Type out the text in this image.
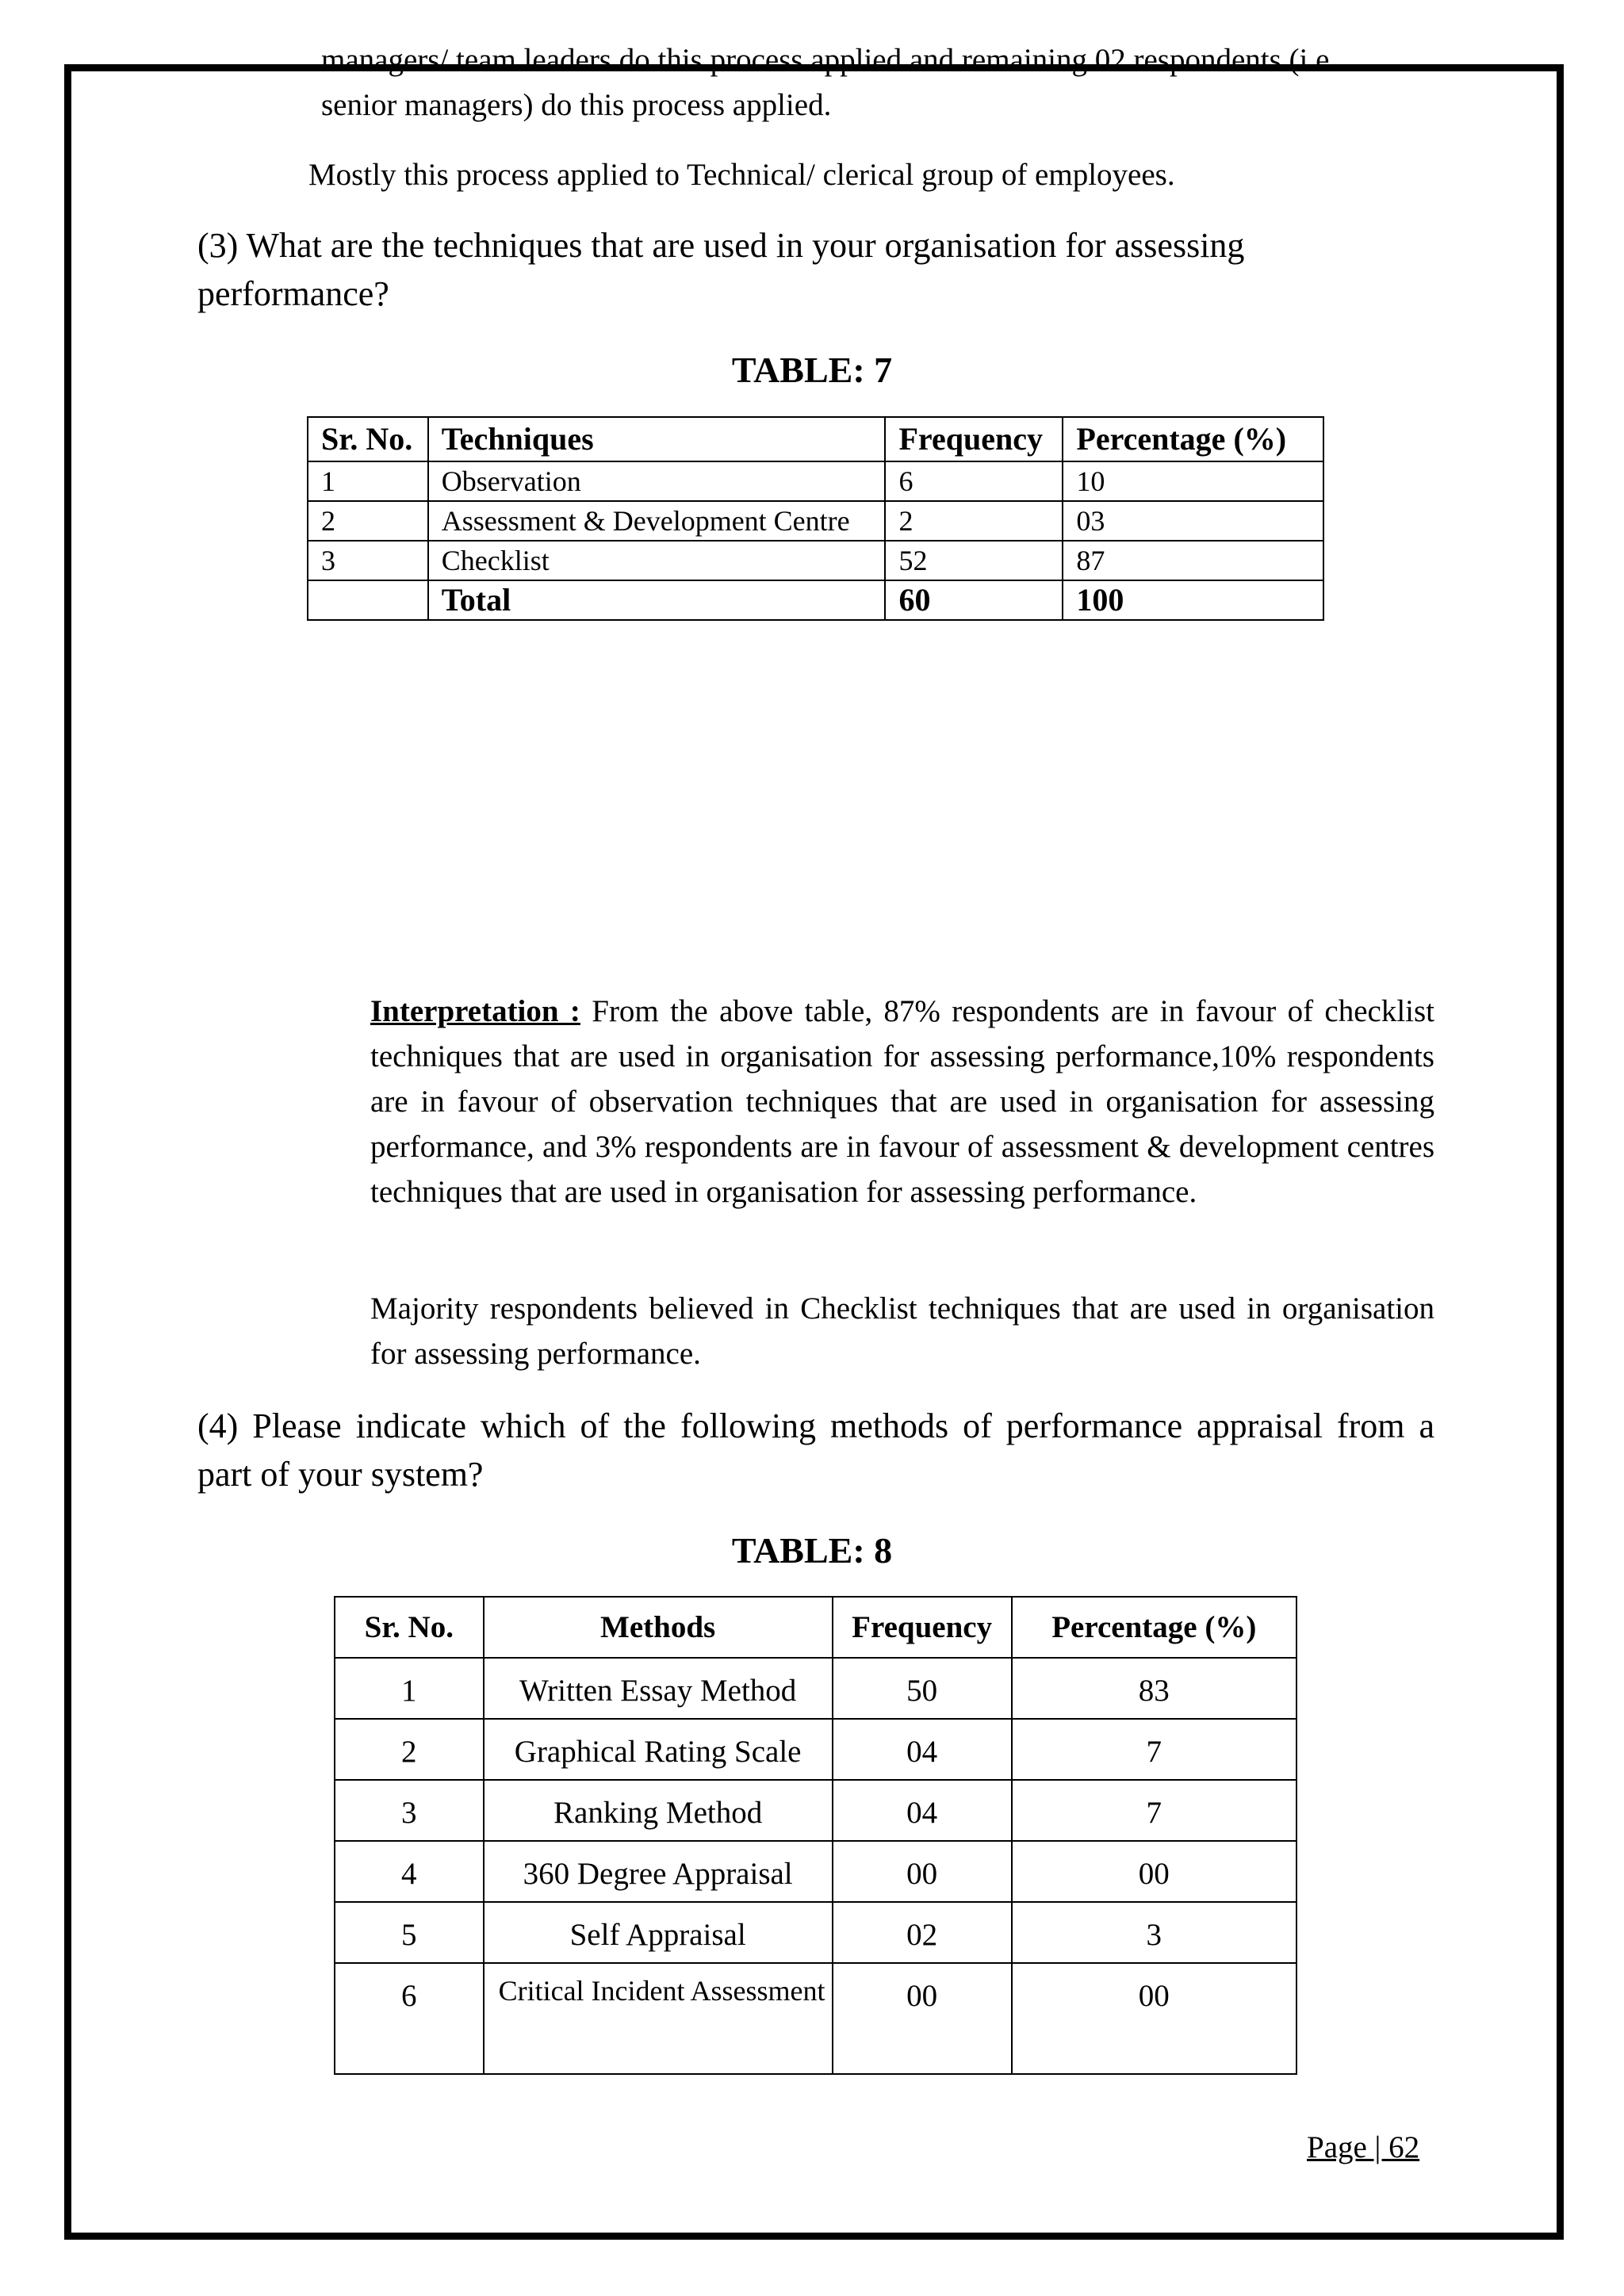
managers/ team leaders do this process applied and remaining 02 respondents (i.e.
senior managers) do this process applied.
Mostly this process applied to Technical/ clerical group of employees.
(3) What are the techniques that are used in your organisation for assessing
performance?
TABLE: 7
Sr. No.	Techniques	Frequency	Percentage (%)
1	Observation	6	10
2	Assessment & Development Centre	2	03
3	Checklist	52	87
	Total	60	100
Interpretation : From the above table, 87% respondents are in favour of checklist techniques that are used in organisation for assessing performance,10% respondents are in favour of observation techniques that are used in organisation for assessing performance, and 3% respondents are in favour of assessment & development centres techniques that are used in organisation for assessing performance.
Majority respondents believed in Checklist techniques that are used in organisation for assessing performance.
(4) Please indicate which of the following methods of performance appraisal from a
part of your system?
TABLE: 8
Sr. No.	Methods	Frequency	Percentage (%)
1	Written Essay Method	50	83
2	Graphical Rating Scale	04	7
3	Ranking Method	04	7
4	360 Degree Appraisal	00	00
5	Self Appraisal	02	3
6	Critical Incident Assessment	00	00
Page | 62
